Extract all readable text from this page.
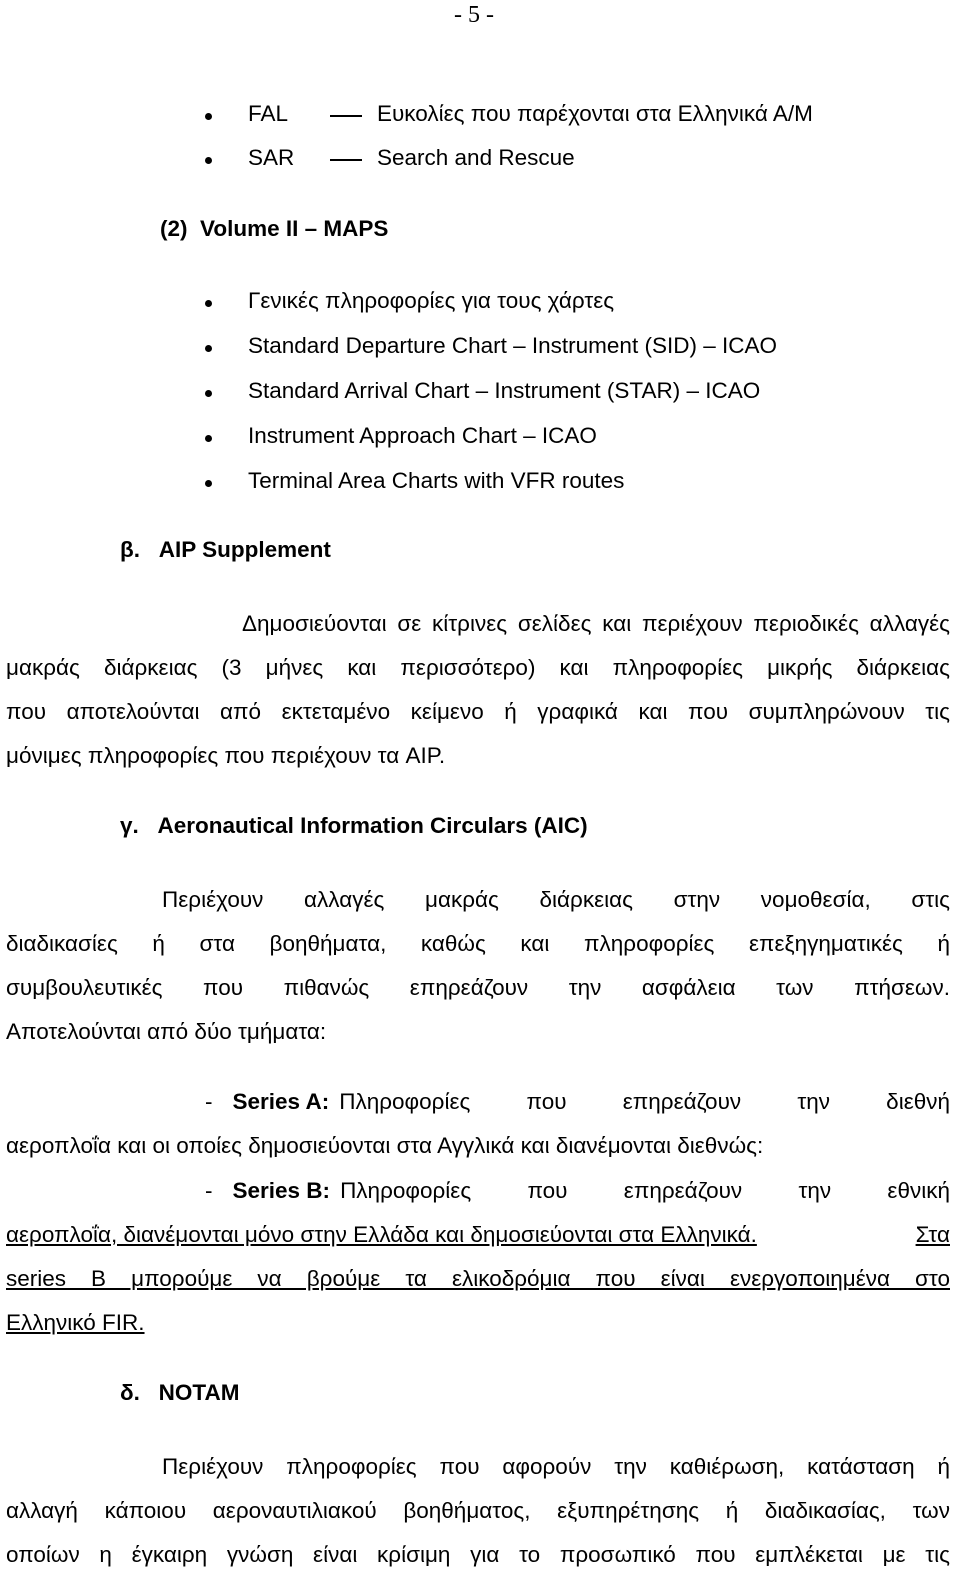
- 5 -
FAL	Ευκολίες που παρέχονται στα Ελληνικά Α/Μ
SAR	Search and Rescue
(2) Volume II – MAPS
Γενικές πληροφορίες για τους χάρτες
Standard Departure Chart – Instrument (SID) – ICAO
Standard Arrival Chart – Instrument (STAR) – ICAO
Instrument Approach Chart – ICAO
Terminal Area Charts with VFR routes
β. AIP Supplement
Δημοσιεύονται σε κίτρινες σελίδες και περιέχουν περιοδικές αλλαγές
μακράς διάρκειας (3 μήνες και περισσότερο) και πληροφορίες μικρής διάρκειας
που αποτελούνται από εκτεταμένο κείμενο ή γραφικά και που συμπληρώνουν τις
μόνιμες πληροφορίες που περιέχουν τα AIP.
γ. Aeronautical Information Circulars (AIC)
Περιέχουν αλλαγές μακράς διάρκειας στην νομοθεσία, στις
διαδικασίες ή στα βοηθήματα, καθώς και πληροφορίες επεξηγηματικές ή
συμβουλευτικές που πιθανώς επηρεάζουν την ασφάλεια των πτήσεων.
Αποτελούνται από δύο τμήματα:
- Series A: Πληροφορίες που επηρεάζουν την διεθνή
αεροπλοΐα και οι οποίες δημοσιεύονται στα Αγγλικά και διανέμονται διεθνώς:
- Series B: Πληροφορίες που επηρεάζουν την εθνική
αεροπλοΐα, διανέμονται μόνο στην Ελλάδα και δημοσιεύονται στα Ελληνικά.	Στα
series B μπορούμε να βρούμε τα ελικοδρόμια που είναι ενεργοποιημένα στο
Ελληνικό FIR.
δ. NOTAM
Περιέχουν πληροφορίες που αφορούν την καθιέρωση, κατάσταση ή
αλλαγή κάποιου αεροναυτιλιακού βοηθήματος, εξυπηρέτησης ή διαδικασίας, των
οποίων η έγκαιρη γνώση είναι κρίσιμη για το προσωπικό που εμπλέκεται με τις
